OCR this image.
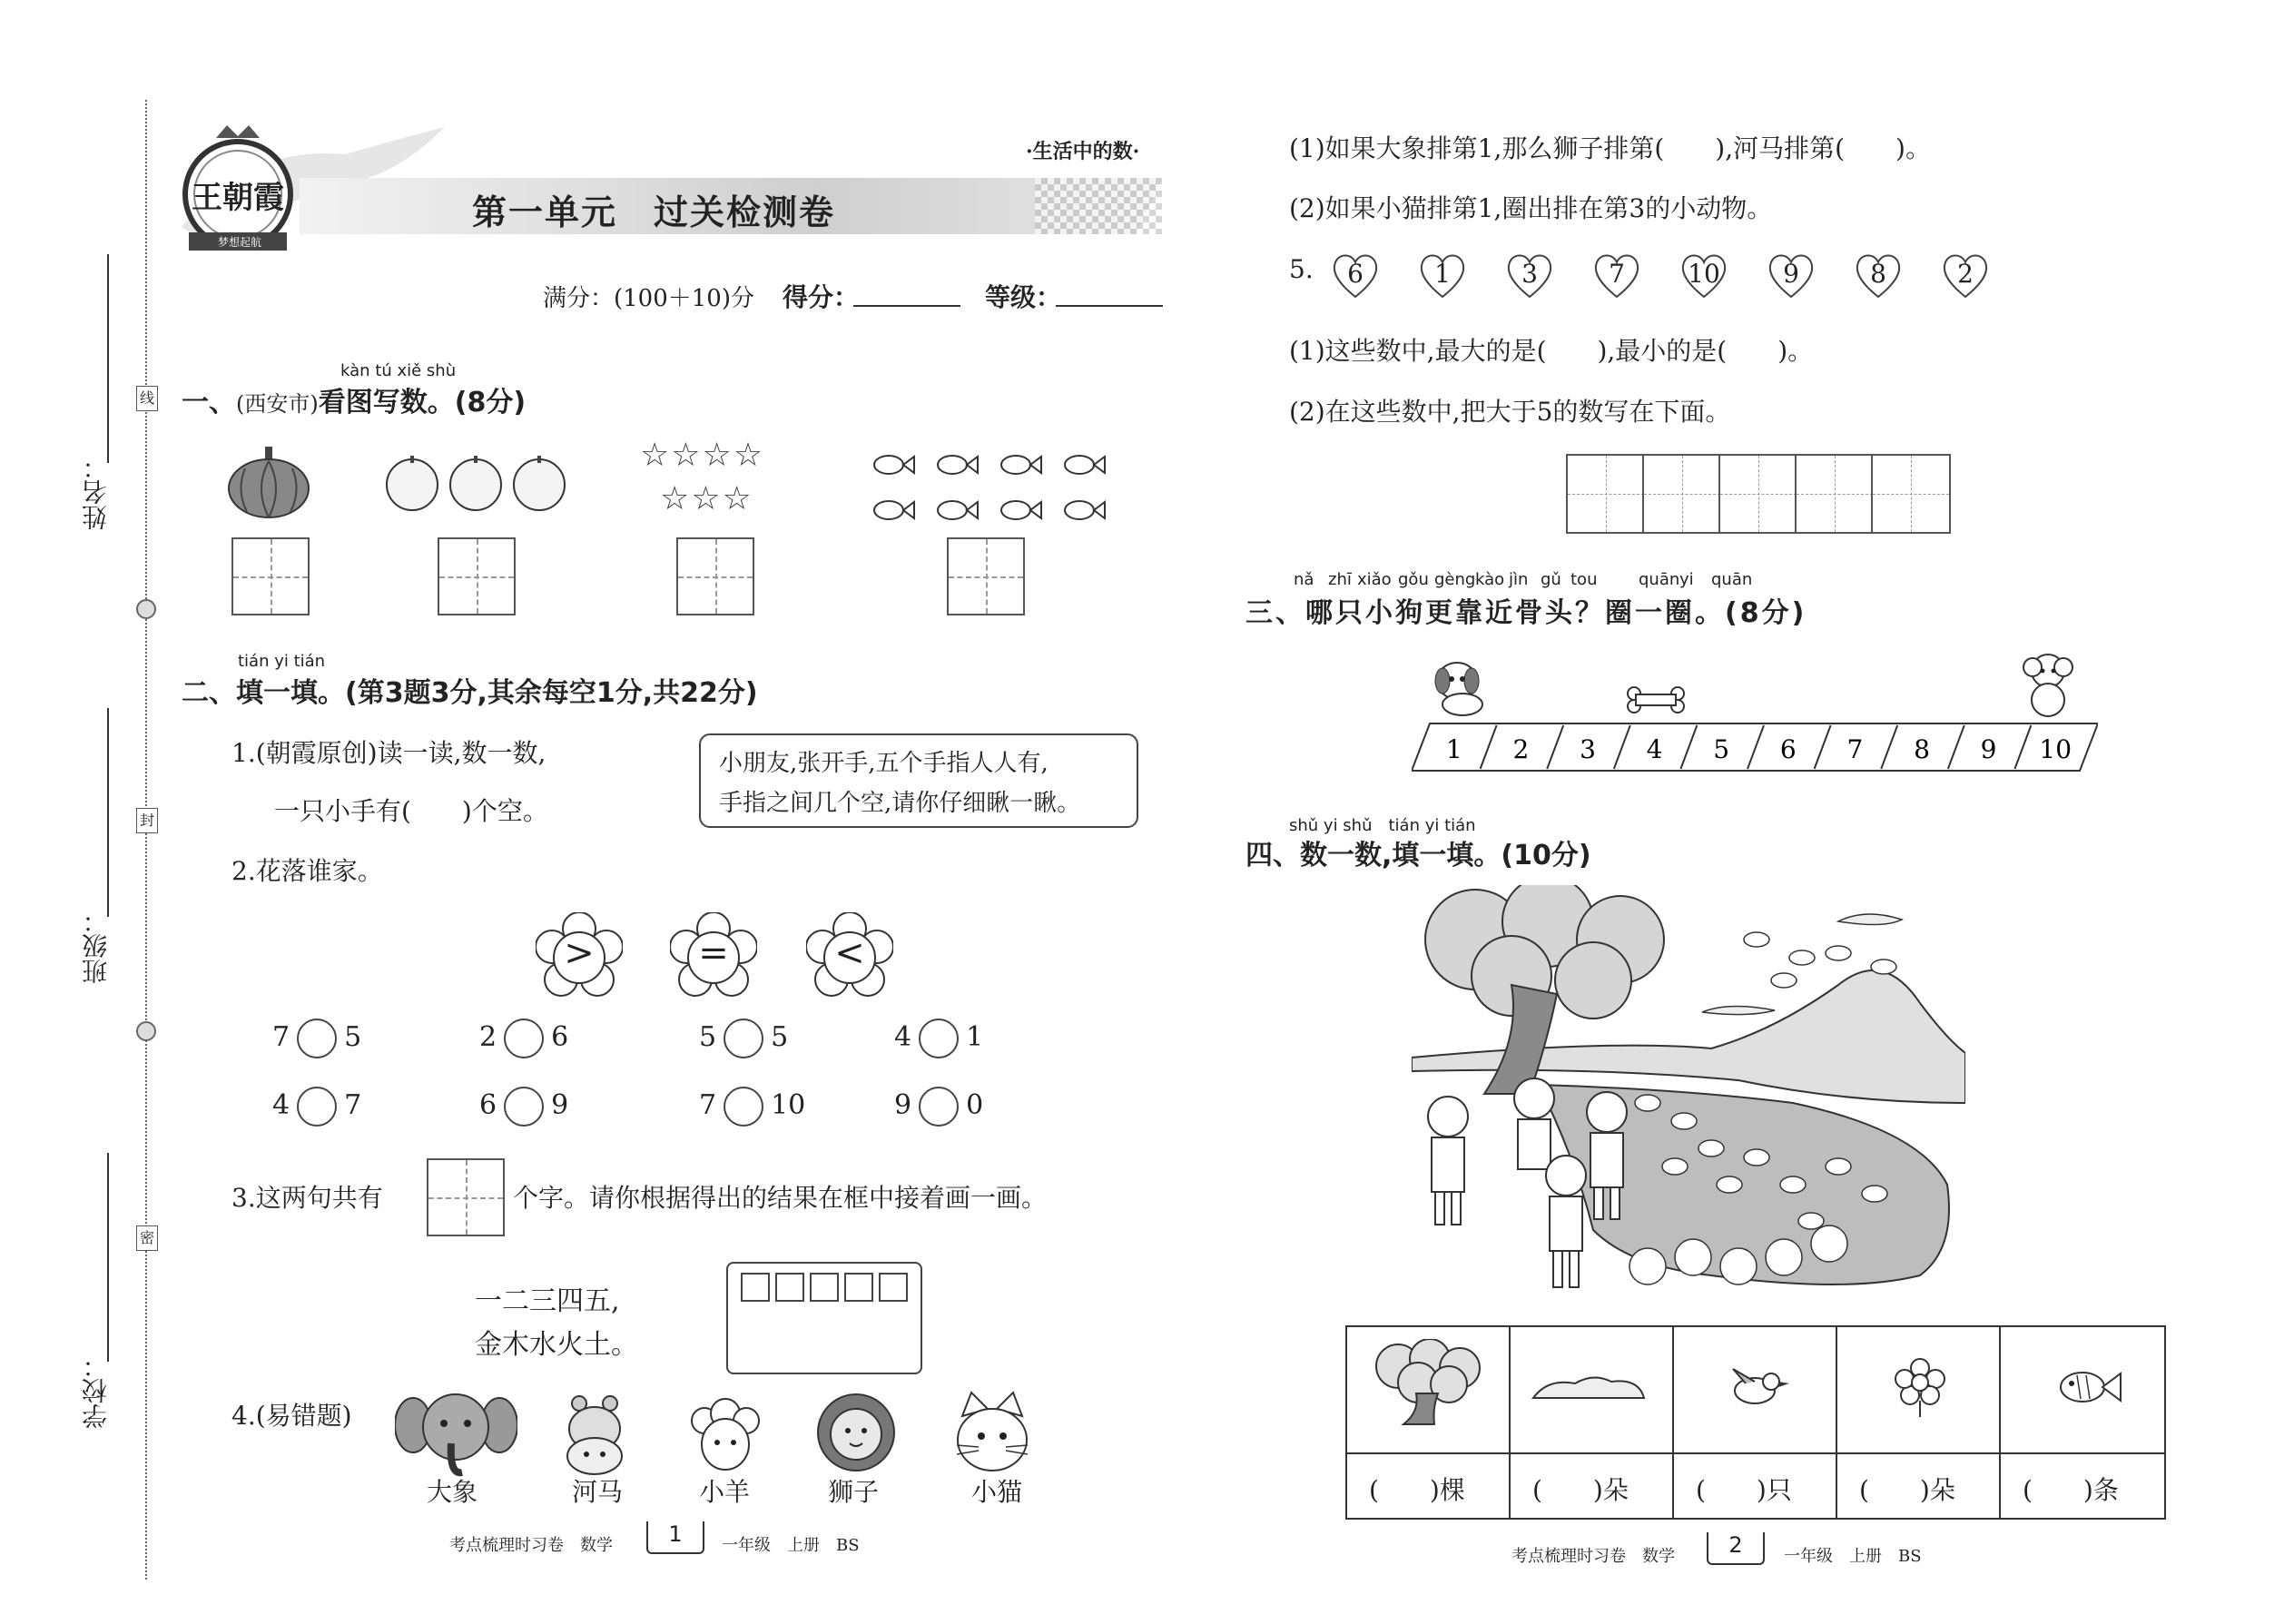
姓名：
班级：
学校：
线
封
密
王朝霞
梦想起航
第一单元　过关检测卷
·生活中的数·
满分：(100＋10)分 得分：	等级：
kàn tú xiě shù
一、(西安市)看图写数。(8分)
☆☆☆☆
☆☆☆
tián yi tián
二、填一填。(第3题3分,其余每空1分,共22分)
1.(朝霞原创)读一读,数一数,
一只小手有(　　)个空。
小朋友,张开手,五个手指人人有,
手指之间几个空,请你仔细瞅一瞅。
2.花落谁家。
>	=	<
7 5	2 6	5 5	4 1
4 7	6 9	7 10	9 0
3.这两句共有	个字。请你根据得出的结果在框中接着画一画。
一二三四五,
金木水火土。
4.(易错题)
大象	河马	小羊	狮子	小猫
考点梳理时习卷　数学	1	一年级　上册　BS
(1)如果大象排第1,那么狮子排第(　　),河马排第(　　)。
(2)如果小猫排第1,圈出排在第3的小动物。
5.	6	1	3	7	10	9	8	2
(1)这些数中,最大的是(　　),最小的是(　　)。
(2)在这些数中,把大于5的数写在下面。
nǎ zhī xiǎo gǒu gèng kào jìn gǔ tou	quān yi quān
三、哪只小狗更靠近骨头？圈一圈。(8分)
1 2 3 4 5 6 7 8 9 10
shǔ yi shǔ　tián yi tián
四、数一数,填一填。(10分)
(　　)棵	(　　)朵	(　　)只	(　　)朵	(　　)条
考点梳理时习卷　数学	2	一年级　上册　BS
